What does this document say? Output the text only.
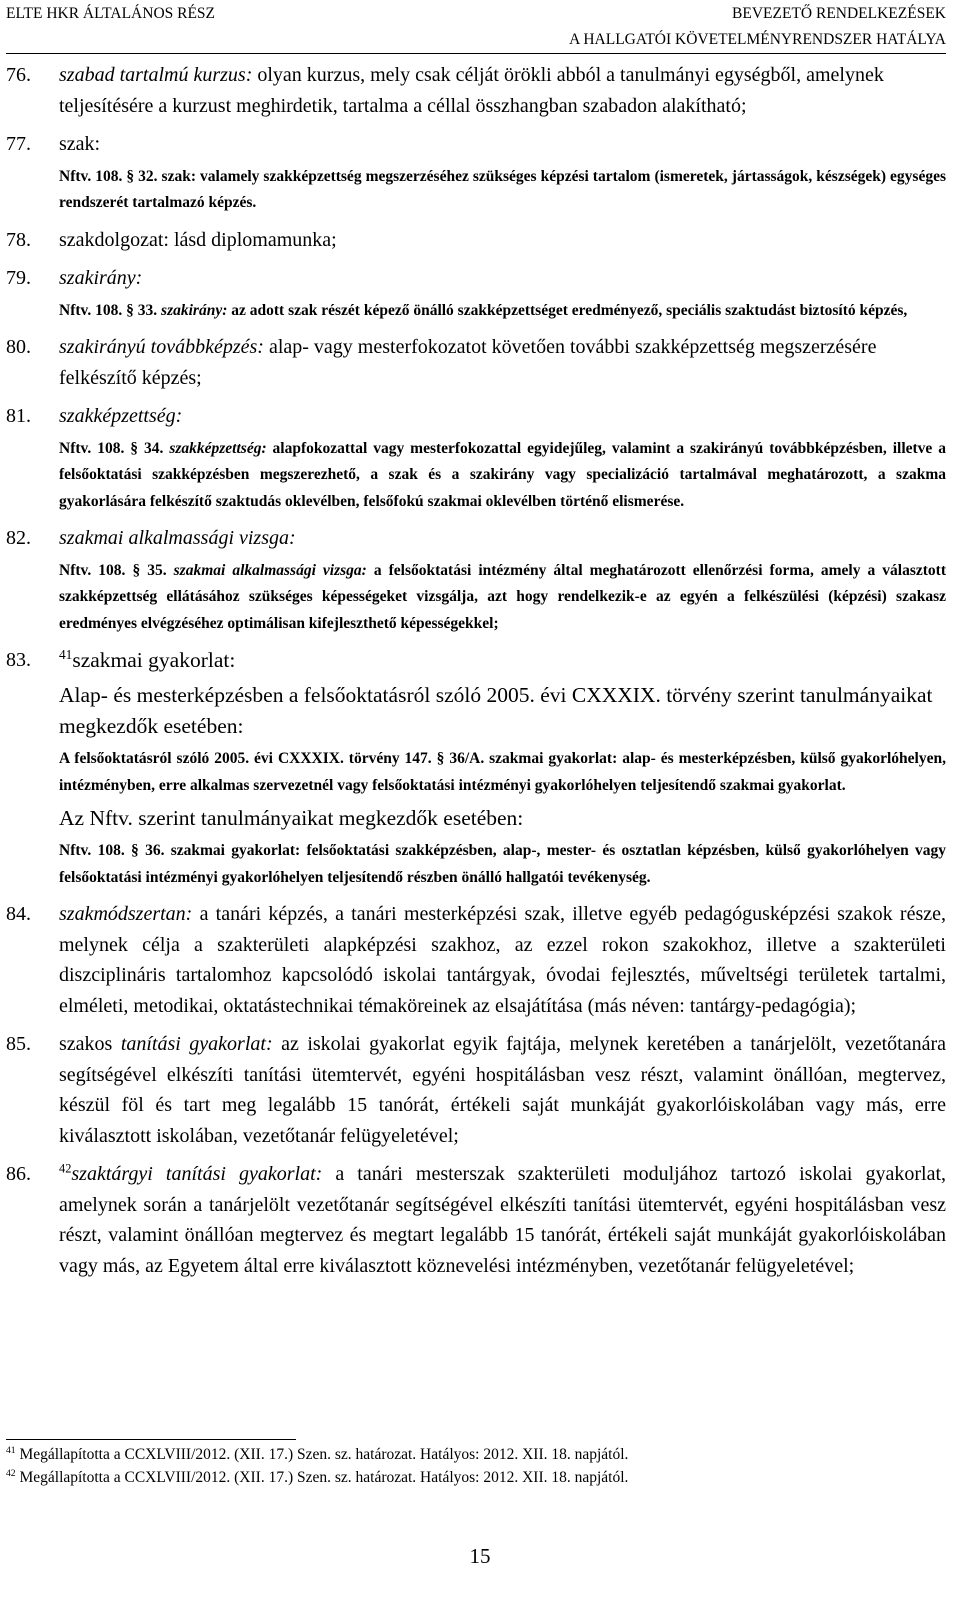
ELTE HKR ÁLTALÁNOS RÉSZ	BEVEZETŐ RENDELKEZÉSEK
A HALLGATÓI KÖVETELMÉNYRENDSZER HATÁLYA
76. szabad tartalmú kurzus: olyan kurzus, mely csak célját örökli abból a tanulmányi egységből, amelynek teljesítésére a kurzust meghirdetik, tartalma a céllal összhangban szabadon alakítható;
77. szak:
Nftv. 108. § 32. szak: valamely szakképzettség megszerzéséhez szükséges képzési tartalom (ismeretek, jártasságok, készségek) egységes rendszerét tartalmazó képzés.
78. szakdolgozat: lásd diplomamunka;
79. szakirány:
Nftv. 108. § 33. szakirány: az adott szak részét képező önálló szakképzettséget eredményező, speciális szaktudást biztosító képzés,
80. szakirányú továbbképzés: alap- vagy mesterfokozatot követően további szakképzettség megszerzésére felkészítő képzés;
81. szakképzettség:
Nftv. 108. § 34. szakképzettség: alapfokozattal vagy mesterfokozattal egyidejűleg, valamint a szakirányú továbbképzésben, illetve a felsőoktatási szakképzésben megszerezhető, a szak és a szakirány vagy specializáció tartalmával meghatározott, a szakma gyakorlására felkészítő szaktudás oklevélben, felsőfokú szakmai oklevélben történő elismerése.
82. szakmai alkalmassági vizsga:
Nftv. 108. § 35. szakmai alkalmassági vizsga: a felsőoktatási intézmény által meghatározott ellenőrzési forma, amely a választott szakképzettség ellátásához szükséges képességeket vizsgálja, azt hogy rendelkezik-e az egyén a felkészülési (képzési) szakasz eredményes elvégzéséhez optimálisan kifejleszthető képességekkel;
83. $^{41}$szakmai gyakorlat:
Alap- és mesterképzésben a felsőoktatásról szóló 2005. évi CXXXIX. törvény szerint tanulmányaikat megkezdők esetében:
A felsőoktatásról szóló 2005. évi CXXXIX. törvény 147. § 36/A. szakmai gyakorlat: alap- és mesterképzésben, külső gyakorlóhelyen, intézményben, erre alkalmas szervezetnél vagy felsőoktatási intézményi gyakorlóhelyen teljesítendő szakmai gyakorlat.
Az Nftv. szerint tanulmányaikat megkezdők esetében:
Nftv. 108. § 36. szakmai gyakorlat: felsőoktatási szakképzésben, alap-, mester- és osztatlan képzésben, külső gyakorlóhelyen vagy felsőoktatási intézményi gyakorlóhelyen teljesítendő részben önálló hallgatói tevékenység.
84. szakmódszertan: a tanári képzés, a tanári mesterképzési szak, illetve egyéb pedagógusképzési szakok része, melynek célja a szakterületi alapképzési szakhoz, az ezzel rokon szakokhoz, illetve a szakterületi diszciplináris tartalomhoz kapcsolódó iskolai tantárgyak, óvodai fejlesztés, műveltségi területek tartalmi, elméleti, metodikai, oktatástechnikai témaköreinek az elsajátítása (más néven: tantárgy-pedagógia);
85. szakos tanítási gyakorlat: az iskolai gyakorlat egyik fajtája, melynek keretében a tanárjelölt, vezetőtanára segítségével elkészíti tanítási ütemtervét, egyéni hospitálásban vesz részt, valamint önállóan, megtervez, készül föl és tart meg legalább 15 tanórát, értékeli saját munkáját gyakorlóiskolában vagy más, erre kiválasztott iskolában, vezetőtanár felügyeletével;
86. $^{42}$szaktárgyi tanítási gyakorlat: a tanári mesterszak szakterületi moduljához tartozó iskolai gyakorlat, amelynek során a tanárjelölt vezetőtanár segítségével elkészíti tanítási ütemtervét, egyéni hospitálásban vesz részt, valamint önállóan megtervez és megtart legalább 15 tanórát, értékeli saját munkáját gyakorlóiskolában vagy más, az Egyetem által erre kiválasztott köznevelési intézményben, vezetőtanár felügyeletével;
$^{41}$ Megállapította a CCXLVIII/2012. (XII. 17.) Szen. sz. határozat. Hatályos: 2012. XII. 18. napjától.
$^{42}$ Megállapította a CCXLVIII/2012. (XII. 17.) Szen. sz. határozat. Hatályos: 2012. XII. 18. napjától.
15
